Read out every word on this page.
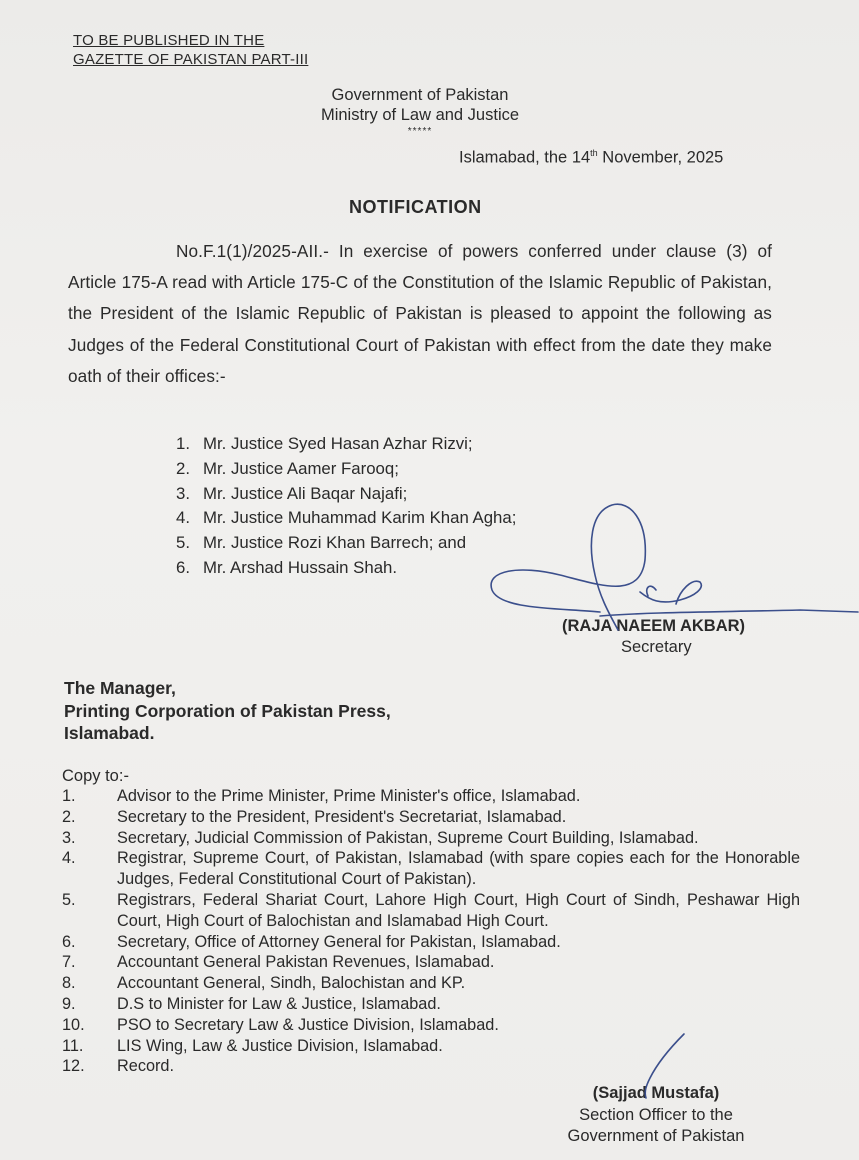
TO BE PUBLISHED IN THE
GAZETTE OF PAKISTAN PART-III
Government of Pakistan
Ministry of Law and Justice
*****
Islamabad, the 14th November, 2025
NOTIFICATION
No.F.1(1)/2025-AII.- In exercise of powers conferred under clause (3) of Article 175-A read with Article 175-C of the Constitution of the Islamic Republic of Pakistan, the President of the Islamic Republic of Pakistan is pleased to appoint the following as Judges of the Federal Constitutional Court of Pakistan with effect from the date they make oath of their offices:-
1. Mr. Justice Syed Hasan Azhar Rizvi;
2. Mr. Justice Aamer Farooq;
3. Mr. Justice Ali Baqar Najafi;
4. Mr. Justice Muhammad Karim Khan Agha;
5. Mr. Justice Rozi Khan Barrech; and
6. Mr. Arshad Hussain Shah.
(RAJA NAEEM AKBAR)
Secretary
The Manager,
Printing Corporation of Pakistan Press,
Islamabad.
Copy to:-
1.	Advisor to the Prime Minister, Prime Minister's office, Islamabad.
2.	Secretary to the President, President's Secretariat, Islamabad.
3.	Secretary, Judicial Commission of Pakistan, Supreme Court Building, Islamabad.
4.	Registrar, Supreme Court, of Pakistan, Islamabad (with spare copies each for the Honorable Judges, Federal Constitutional Court of Pakistan).
5.	Registrars, Federal Shariat Court, Lahore High Court, High Court of Sindh, Peshawar High Court, High Court of Balochistan and Islamabad High Court.
6.	Secretary, Office of Attorney General for Pakistan, Islamabad.
7.	Accountant General Pakistan Revenues, Islamabad.
8.	Accountant General, Sindh, Balochistan and KP.
9.	D.S to Minister for Law & Justice, Islamabad.
10.	PSO to Secretary Law & Justice Division, Islamabad.
11.	LIS Wing, Law & Justice Division, Islamabad.
12.	Record.
(Sajjad Mustafa)
Section Officer to the
Government of Pakistan
